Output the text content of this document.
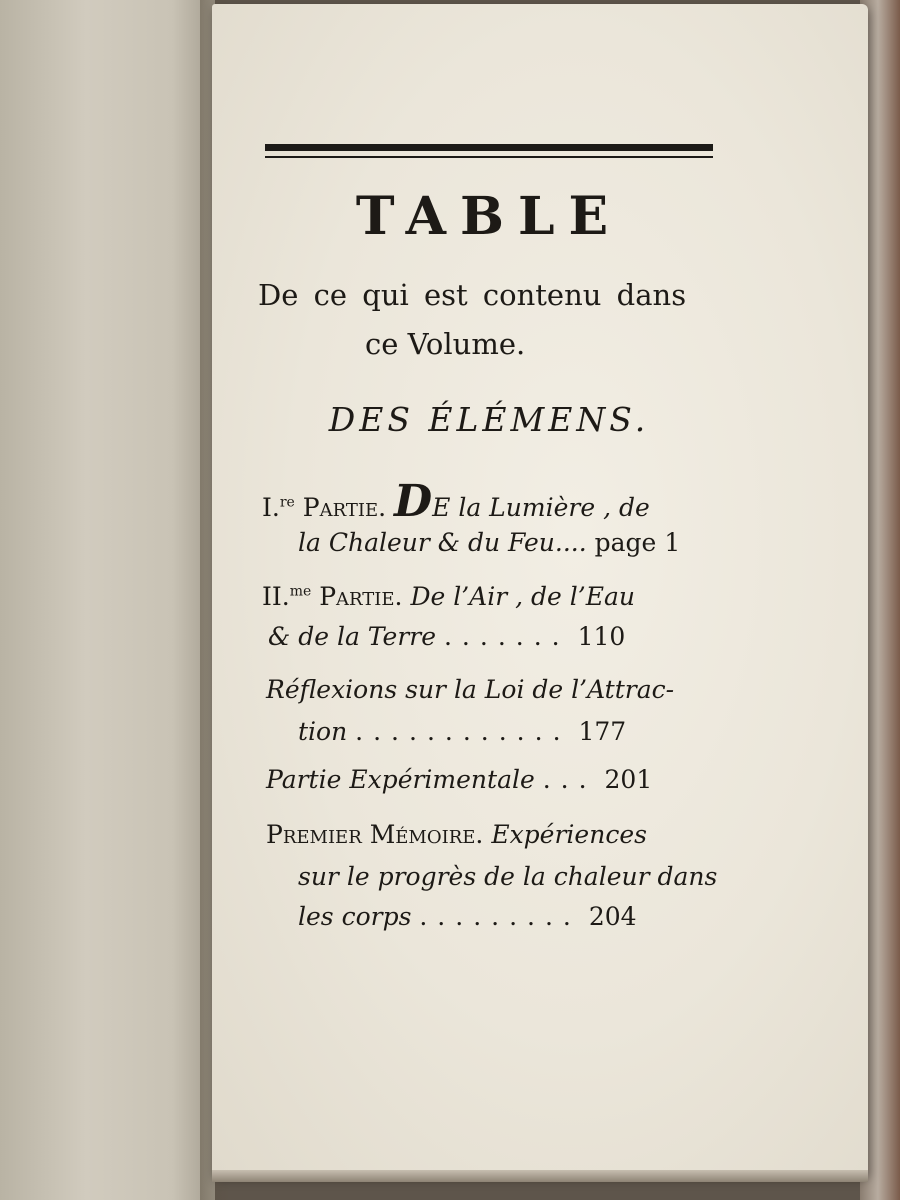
TABLE
De ce qui est contenu dans
ce Volume.
DES ÉLÉMENS.
I.$^{re}$ Partie. DE la Lumière , de
la Chaleur & du Feu.... page 1
II.$^{me}$ Partie. De l’Air , de l’Eau
& de la Terre ....... 110
Réflexions sur la Loi de l’Attrac-
tion ............ 177
Partie Expérimentale ... 201
Premier Mémoire. Expériences
sur le progrès de la chaleur dans
les corps ......... 204
